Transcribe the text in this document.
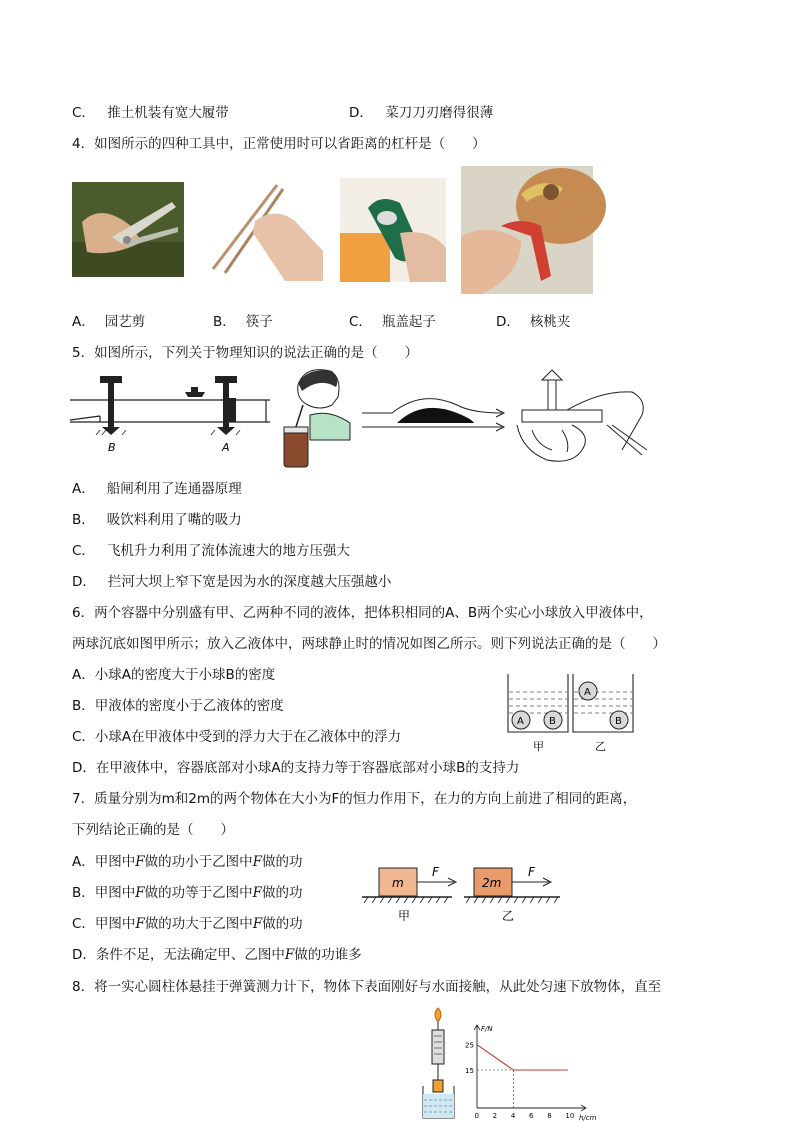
C． 推土机装有宽大履带	D． 菜刀刀刃磨得很薄
4．如图所示的四种工具中，正常使用时可以省距离的杠杆是（　　）
A． 园艺剪	B． 筷子	C． 瓶盖起子	D． 核桃夹
5．如图所示，下列关于物理知识的说法正确的是（　　）
B	A
A． 船闸利用了连通器原理
B． 吸饮料利用了嘴的吸力
C． 飞机升力利用了流体流速大的地方压强大
D． 拦河大坝上窄下宽是因为水的深度越大压强越小
6．两个容器中分别盛有甲、乙两种不同的液体，把体积相同的A、B两个实心小球放入甲液体中，
两球沉底如图甲所示；放入乙液体中，两球静止时的情况如图乙所示。则下列说法正确的是（　　）
A．小球A的密度大于小球B的密度
B．甲液体的密度小于乙液体的密度
C．小球A在甲液体中受到的浮力大于在乙液体中的浮力
D．在甲液体中，容器底部对小球A的支持力等于容器底部对小球B的支持力
A	B
A
B
甲	乙
7．质量分别为m和2m的两个物体在大小为F的恒力作用下，在力的方向上前进了相同的距离，
下列结论正确的是（　　）
A．甲图中F做的功小于乙图中F做的功
B．甲图中F做的功等于乙图中F做的功
C．甲图中F做的功大于乙图中F做的功
D．条件不足，无法确定甲、乙图中F做的功谁多
m	2m
F	F
甲	乙
8．将一实心圆柱体悬挂于弹簧测力计下，物体下表面刚好与水面接触，从此处匀速下放物体，直至
F/N
h/cm
0 2 4 6 8 10
25
15
